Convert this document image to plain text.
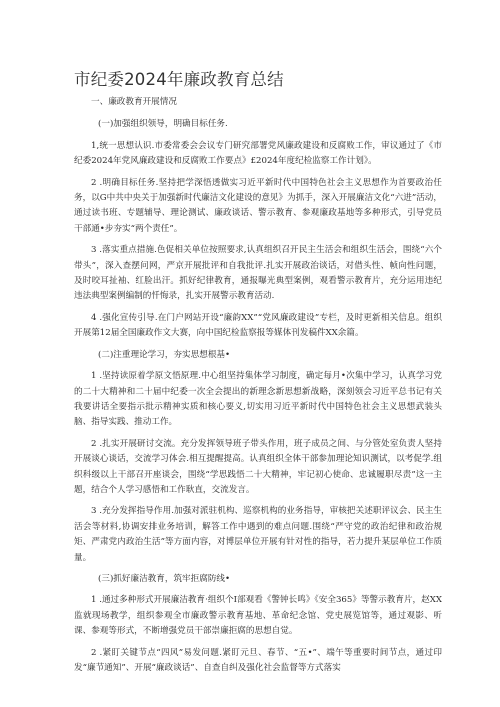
市纪委2024年廉政教育总结
一、廉政教育开展情况
(一)加强组织领导，明确目标任务.
1,统一思想认识.市委常委会会议专门研究部署党风廉政建设和反腐败工作，审议通过了《市纪委2024年党风廉政建设和反腐败工作要点》£2024年度纪检监察工作计划》。
2 .明确目标任务.坚持把学深悟透做实习近平新时代中国特色社会主义思想作为首要政治任务，以G中共中央关于加强新时代廉洁文化建设的意见》为抓手，深入开展廉洁文化“六进”活动，通过读书班、专题辅导、理论测试、廉政谈话、警示教育、参观廉政基地等多种形式，引导党员干部通•步夯实“两个责任”。
3 .落实重点措施.色促相关单位按照要求,认真组织召开民主生活会和组织生活会，围绕“六个带头”，深入查摆问网，严京开展批评和自我批评.扎实开展政治谈话，对借头性、帧向性问题，及时咬耳扯袖、红脸出汗。抓好纪律教育，通报曝光典型案例，观看警示教育片，充分运用违纪违法典型案例编制的忏悔录，扎实开展警示教育活动.
4 .强化宣传引导.在门户网站开设“廉韵XX”“党风廉政建设”专栏，及时更新相关信息。组织开展第12届全国廉政作文大赛，向中国纪检监察报等媒体刊发稿件XX余篇。
(二)注重理论学习，夯实思想根基•
1 .坚持读原着学原文悟原理.中心组坚持集体学习制度，确定每月•次集中学习，认真学习党的二十大精神和二十届中纪委一次全会提出的新理念新思想新战略，深刻领会习近平总书记有关我要讲话全要指示批示精神实质和核心要义,切实用习近平新时代中国特色社会主义思想武装头脑、指导实践、推动工作。
2 .扎实开展研讨交流。充分发挥领导班子带头作用，班子成员之间、与分管处室负责人坚持开展谈心谈话，交流学习体会.相互提醒提高。认真组织全体干部参加理论知识测试，以考促学.组织科级以上干部召开座谈会，围绕“学思践悟二十大精神，牢记初心使命、忠诚履职尽责”这一主题，结合个人学习感悟和工作耿直，交流发言。
3 .充分发挥指导作用.加强对派驻机构、巡察机构的业务指导，审核把关述职评议会、民主生活会等材料,协调安排业务培训，解答工作中遇到的难点问题.围绕“严守党的政治纪律和政治规矩、严肃党内政治生活”等方面内容，对博层单位开展有针对性的指导，若力提升某层单位工作质量。
(三)抓好廉洁教育，筑牢拒腐防线•
1 .通过多种形式开展廉洁教育·组织个I部观看《警钟长鸣》《安全365》等警示教育片，赵XX监就现场教学，组织参观全市廉政警示教育基地、革命纪念馆、党史展览馆等，通过观影、听课、参观等形式，不断增强党员干部崇廉拒腐的思想自觉。
2 .紧盯关键节点“四风”易发问题.紧盯元旦、春节、“五•”、端午等重要时间节点，通过印发“廉节通知”、开展“廉政谈话”、自查自纠及强化社会监督等方式落实
